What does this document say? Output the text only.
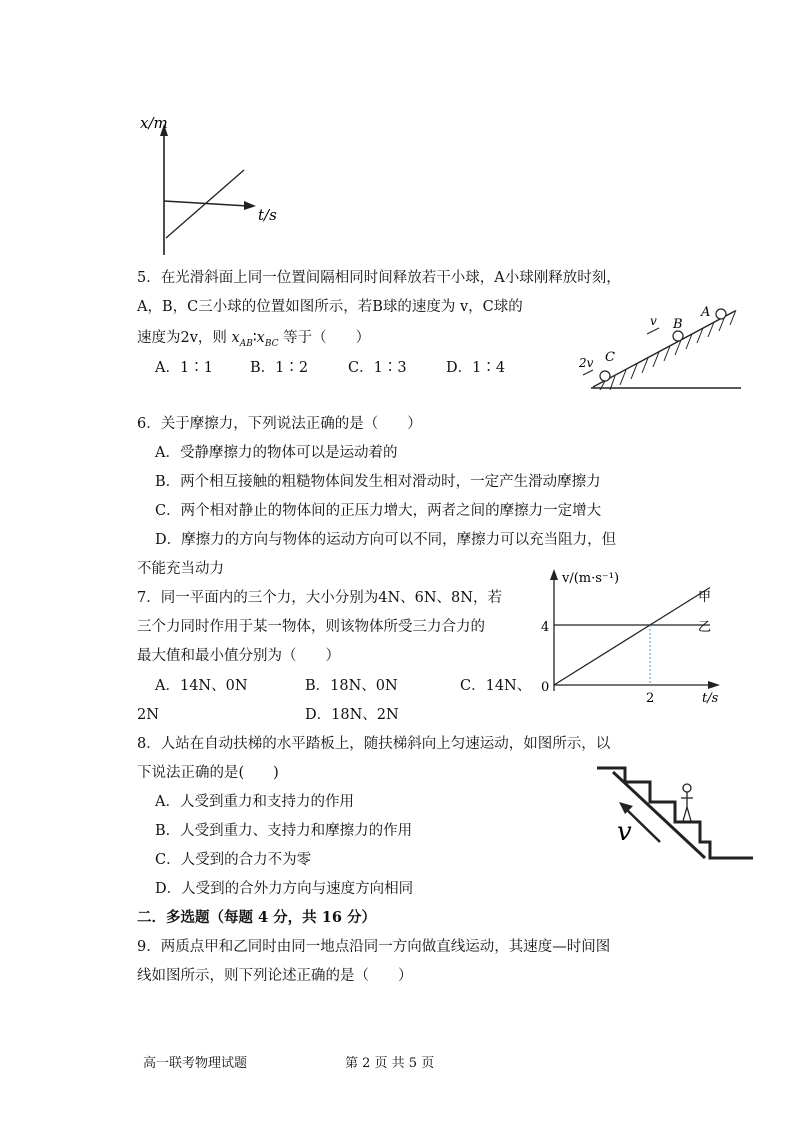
x/m
t/s
5．在光滑斜面上同一位置间隔相同时间释放若干小球，A小球刚释放时刻，
A，B，C三小球的位置如图所示，若B球的速度为 v，C球的
速度为2v，则 $x_{AB}∶x_{BC}$ 等于（　　）
A．1∶1	B．1∶2	C．1∶3	D．1∶4
A
B
C
v
2v
6．关于摩擦力，下列说法正确的是（　　）
A．受静摩擦力的物体可以是运动着的
B．两个相互接触的粗糙物体间发生相对滑动时，一定产生滑动摩擦力
C．两个相对静止的物体间的正压力增大，两者之间的摩擦力一定增大
D．摩擦力的方向与物体的运动方向可以不同，摩擦力可以充当阻力，但
不能充当动力
7．同一平面内的三个力，大小分别为4N、6N、8N，若
三个力同时作用于某一物体，则该物体所受三力合力的
最大值和最小值分别为（　　）
A．14N、0N	B．18N、0N	C．14N、
2N	D．18N、2N
v/(m·s⁻¹)
t/s
0
4
2
甲
乙
8．人站在自动扶梯的水平踏板上，随扶梯斜向上匀速运动，如图所示，以
下说法正确的是(　　)
A．人受到重力和支持力的作用
B．人受到重力、支持力和摩擦力的作用
C．人受到的合力不为零
D．人受到的合外力方向与速度方向相同
v
二．多选题（每题 4 分，共 16 分）
9．两质点甲和乙同时由同一地点沿同一方向做直线运动，其速度—时间图
线如图所示，则下列论述正确的是（　　）
高一联考物理试题	第 2 页 共 5 页
